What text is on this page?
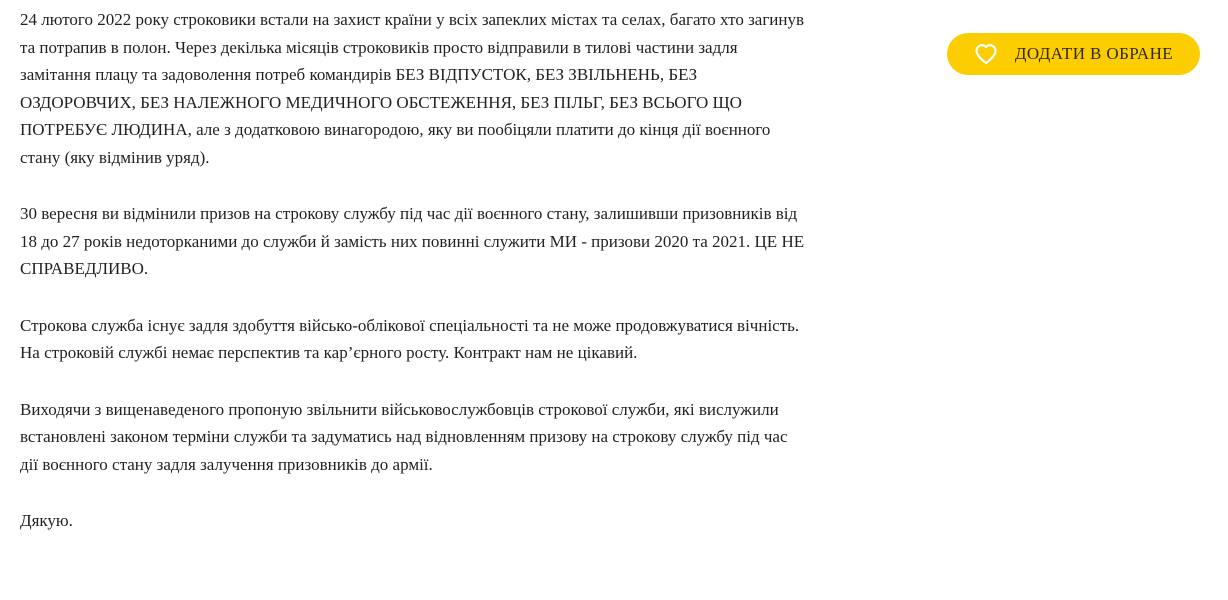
24 лютого 2022 року строковики встали на захист країни у всіх запеклих містах та селах, багато хто загинув та потрапив в полон. Через декілька місяців строковиків просто відправили в тилові частини задля замітання плацу та задоволення потреб командирів БЕЗ ВІДПУСТОК, БЕЗ ЗВІЛЬНЕНЬ, БЕЗ ОЗДОРОВЧИХ, БЕЗ НАЛЕЖНОГО МЕДИЧНОГО ОБСТЕЖЕННЯ, БЕЗ ПІЛЬГ, БЕЗ ВСЬОГО ЩО ПОТРЕБУЄ ЛЮДИНА, але з додатковою винагородою, яку ви пообіцяли платити до кінця дії воєнного стану (яку відмінив уряд).

30 вересня ви відмінили призов на строкову службу під час дії воєнного стану, залишивши призовників від 18 до 27 років недоторканими до служби й замість них повинні служити МИ - призови 2020 та 2021. ЦЕ НЕ СПРАВЕДЛИВО.

Строкова служба існує задля здобуття військо-облікової спеціальності та не може продовжуватися вічність. На строковій службі немає перспектив та кар’єрного росту. Контракт нам не цікавий.

Виходячи з вищенаведеного пропоную звільнити військовослужбовців строкової служби, які вислужили встановлені законом терміни служби та задуматись над відновленням призову на строкову службу під час дії воєнного стану задля залучення призовників до армії.

Дякую.

ДОДАТИ В ОБРАНЕ
